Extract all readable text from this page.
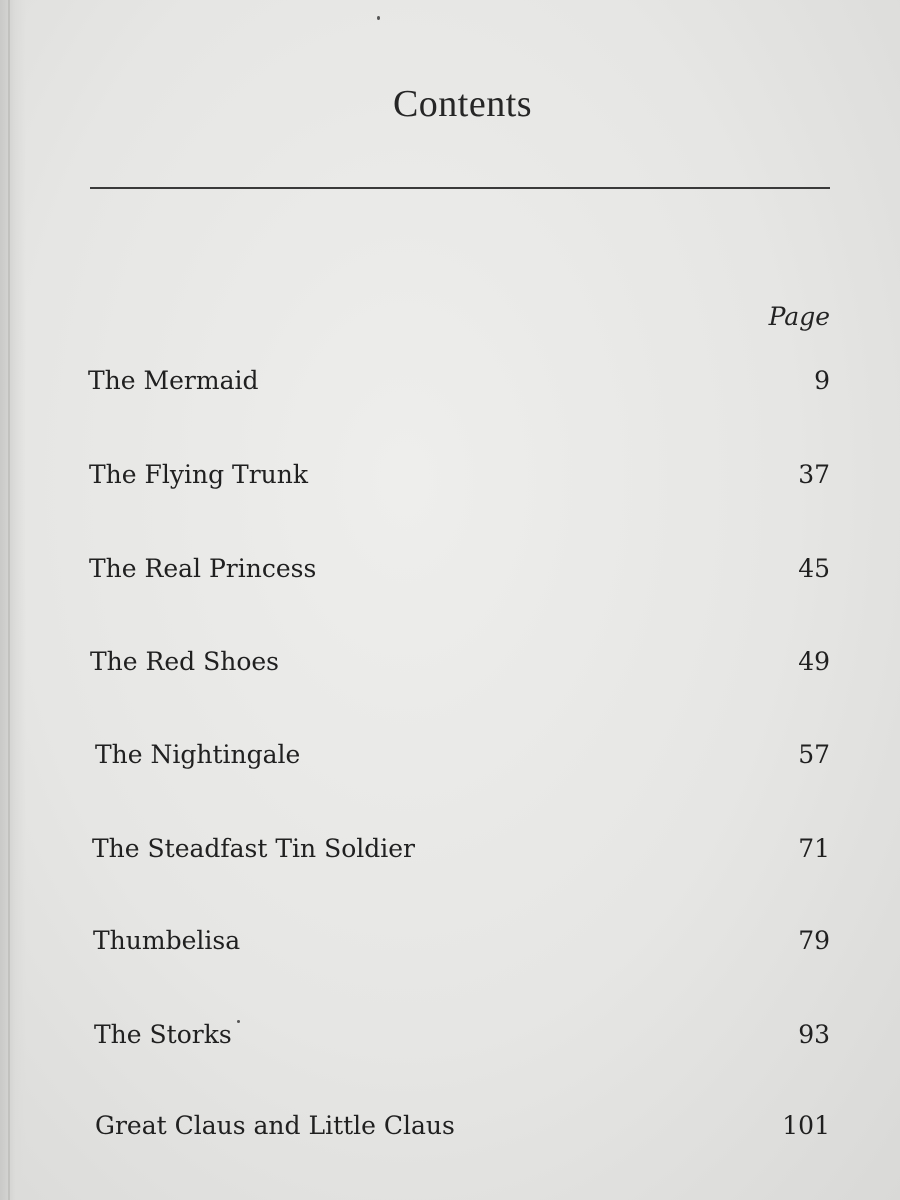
Contents
Page
The Mermaid	9
The Flying Trunk	37
The Real Princess	45
The Red Shoes	49
The Nightingale	57
The Steadfast Tin Soldier	71
Thumbelisa	79
The Storks	93
Great Claus and Little Claus	101
